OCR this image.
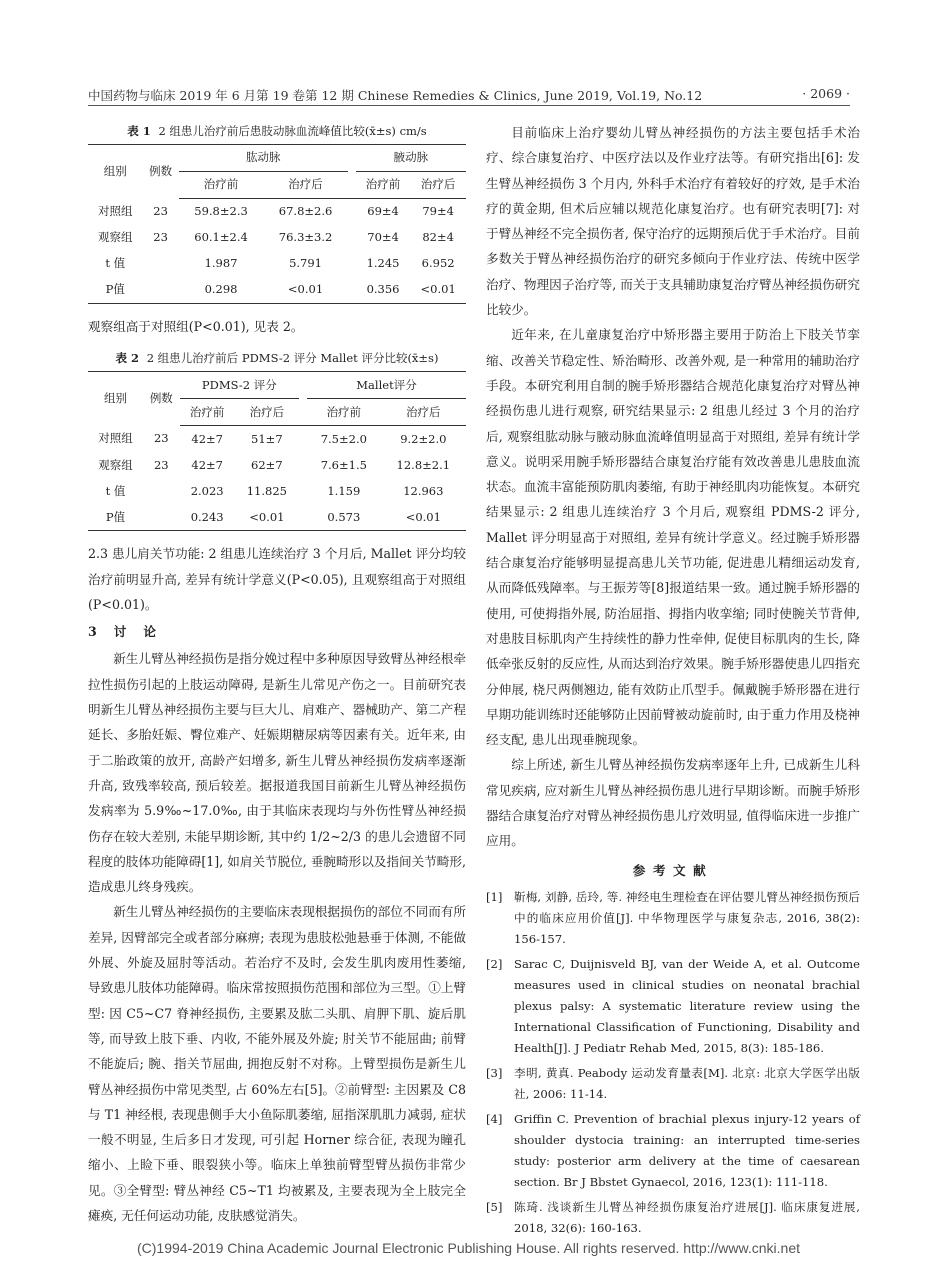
中国药物与临床 2019 年 6 月第 19 卷第 12 期 Chinese Remedies & Clinics, June 2019, Vol.19, No.12	· 2069 ·
表 1 2 组患儿治疗前后患肢动脉血流峰值比较(x̄±s) cm/s
组别	例数	肱动脉			腋动脉	
		治疗前	治疗后		治疗前	治疗后
对照组	23	59.8±2.3	67.8±2.6		69±4	79±4
观察组	23	60.1±2.4	76.3±3.2		70±4	82±4
t 值		1.987	5.791		1.245	6.952
P值		0.298	<0.01		0.356	<0.01

观察组高于对照组(P<0.01), 见表 2。

表 2 2 组患儿治疗前后 PDMS-2 评分 Mallet 评分比较(x̄±s)
组别	例数	PDMS-2 评分			Mallet评分	
		治疗前	治疗后		治疗前	治疗后
对照组	23	42±7	51±7		7.5±2.0	9.2±2.0
观察组	23	42±7	62±7		7.6±1.5	12.8±2.1
t 值		2.023	11.825		1.159	12.963
P值		0.243	<0.01		0.573	<0.01

2.3 患儿肩关节功能: 2 组患儿连续治疗 3 个月后, Mallet 评分均较治疗前明显升高, 差异有统计学意义(P<0.05), 且观察组高于对照组(P<0.01)。

3 讨 论

新生儿臂丛神经损伤是指分娩过程中多种原因导致臂丛神经根牵拉性损伤引起的上肢运动障碍, 是新生儿常见产伤之一。目前研究表明新生儿臂丛神经损伤主要与巨大儿、肩难产、器械助产、第二产程延长、多胎妊娠、臀位难产、妊娠期糖尿病等因素有关。近年来, 由于二胎政策的放开, 高龄产妇增多, 新生儿臂丛神经损伤发病率逐渐升高, 致残率较高, 预后较差。据报道我国目前新生儿臂丛神经损伤发病率为 5.9‰~17.0‰, 由于其临床表现均与外伤性臂丛神经损伤存在较大差别, 未能早期诊断, 其中约 1/2~2/3 的患儿会遗留不同程度的肢体功能障碍[1], 如肩关节脱位, 垂腕畸形以及指间关节畸形, 造成患儿终身残疾。

新生儿臂丛神经损伤的主要临床表现根据损伤的部位不同而有所差异, 因臂部完全或者部分麻痹; 表现为患肢松弛悬垂于体测, 不能做外展、外旋及屈肘等活动。若治疗不及时, 会发生肌肉废用性萎缩, 导致患儿肢体功能障碍。临床常按照损伤范围和部位为三型。①上臂型: 因 C5~C7 脊神经损伤, 主要累及肱二头肌、肩胛下肌、旋后肌等, 而导致上肢下垂、内收, 不能外展及外旋; 肘关节不能屈曲; 前臂不能旋后; 腕、指关节屈曲, 拥抱反射不对称。上臂型损伤是新生儿臂丛神经损伤中常见类型, 占 60%左右[5]。②前臂型: 主因累及 C8 与 T1 神经根, 表现患侧手大小鱼际肌萎缩, 屈指深肌肌力减弱, 症状一般不明显, 生后多日才发现, 可引起 Horner 综合征, 表现为瞳孔缩小、上睑下垂、眼裂狭小等。临床上单独前臂型臂丛损伤非常少见。③全臂型: 臂丛神经 C5~T1 均被累及, 主要表现为全上肢完全瘫痪, 无任何运动功能, 皮肤感觉消失。

目前临床上治疗婴幼儿臂丛神经损伤的方法主要包括手术治疗、综合康复治疗、中医疗法以及作业疗法等。有研究指出[6]: 发生臂丛神经损伤 3 个月内, 外科手术治疗有着较好的疗效, 是手术治疗的黄金期, 但术后应辅以规范化康复治疗。也有研究表明[7]: 对于臂丛神经不完全损伤者, 保守治疗的远期预后优于手术治疗。目前多数关于臂丛神经损伤治疗的研究多倾向于作业疗法、传统中医学治疗、物理因子治疗等, 而关于支具辅助康复治疗臂丛神经损伤研究比较少。

近年来, 在儿童康复治疗中矫形器主要用于防治上下肢关节挛缩、改善关节稳定性、矫治畸形、改善外观, 是一种常用的辅助治疗手段。本研究利用自制的腕手矫形器结合规范化康复治疗对臂丛神经损伤患儿进行观察, 研究结果显示: 2 组患儿经过 3 个月的治疗后, 观察组肱动脉与腋动脉血流峰值明显高于对照组, 差异有统计学意义。说明采用腕手矫形器结合康复治疗能有效改善患儿患肢血流状态。血流丰富能预防肌肉萎缩, 有助于神经肌肉功能恢复。本研究结果显示: 2 组患儿连续治疗 3 个月后, 观察组 PDMS-2 评分, Mallet 评分明显高于对照组, 差异有统计学意义。经过腕手矫形器结合康复治疗能够明显提高患儿关节功能, 促进患儿精细运动发育, 从而降低残障率。与王振芳等[8]报道结果一致。通过腕手矫形器的使用, 可使拇指外展, 防治屈指、拇指内收挛缩; 同时使腕关节背伸, 对患肢目标肌肉产生持续性的静力性牵伸, 促使目标肌肉的生长, 降低牵张反射的反应性, 从而达到治疗效果。腕手矫形器使患儿四指充分伸展, 桡尺两侧翘边, 能有效防止爪型手。佩戴腕手矫形器在进行早期功能训练时还能够防止因前臂被动旋前时, 由于重力作用及桡神经支配, 患儿出现垂腕现象。

综上所述, 新生儿臂丛神经损伤发病率逐年上升, 已成新生儿科常见疾病, 应对新生儿臂丛神经损伤患儿进行早期诊断。而腕手矫形器结合康复治疗对臂丛神经损伤患儿疗效明显, 值得临床进一步推广应用。

参考文献
[1] 靳梅, 刘静, 岳玲, 等. 神经电生理检查在评估婴儿臂丛神经损伤预后中的临床应用价值[J]. 中华物理医学与康复杂志, 2016, 38(2): 156-157.
[2] Sarac C, Duijnisveld BJ, van der Weide A, et al. Outcome measures used in clinical studies on neonatal brachial plexus palsy: A systematic literature review using the International Classification of Functioning, Disability and Health[J]. J Pediatr Rehab Med, 2015, 8(3): 185-186.
[3] 李明, 黄真. Peabody 运动发育量表[M]. 北京: 北京大学医学出版社, 2006: 11-14.
[4] Griffin C. Prevention of brachial plexus injury-12 years of shoulder dystocia training: an interrupted time-series study: posterior arm delivery at the time of caesarean section. Br J Bbstet Gynaecol, 2016, 123(1): 111-118.
[5] 陈琦. 浅谈新生儿臂丛神经损伤康复治疗进展[J]. 临床康复进展, 2018, 32(6): 160-163.
(C)1994-2019 China Academic Journal Electronic Publishing House. All rights reserved. http://www.cnki.net
